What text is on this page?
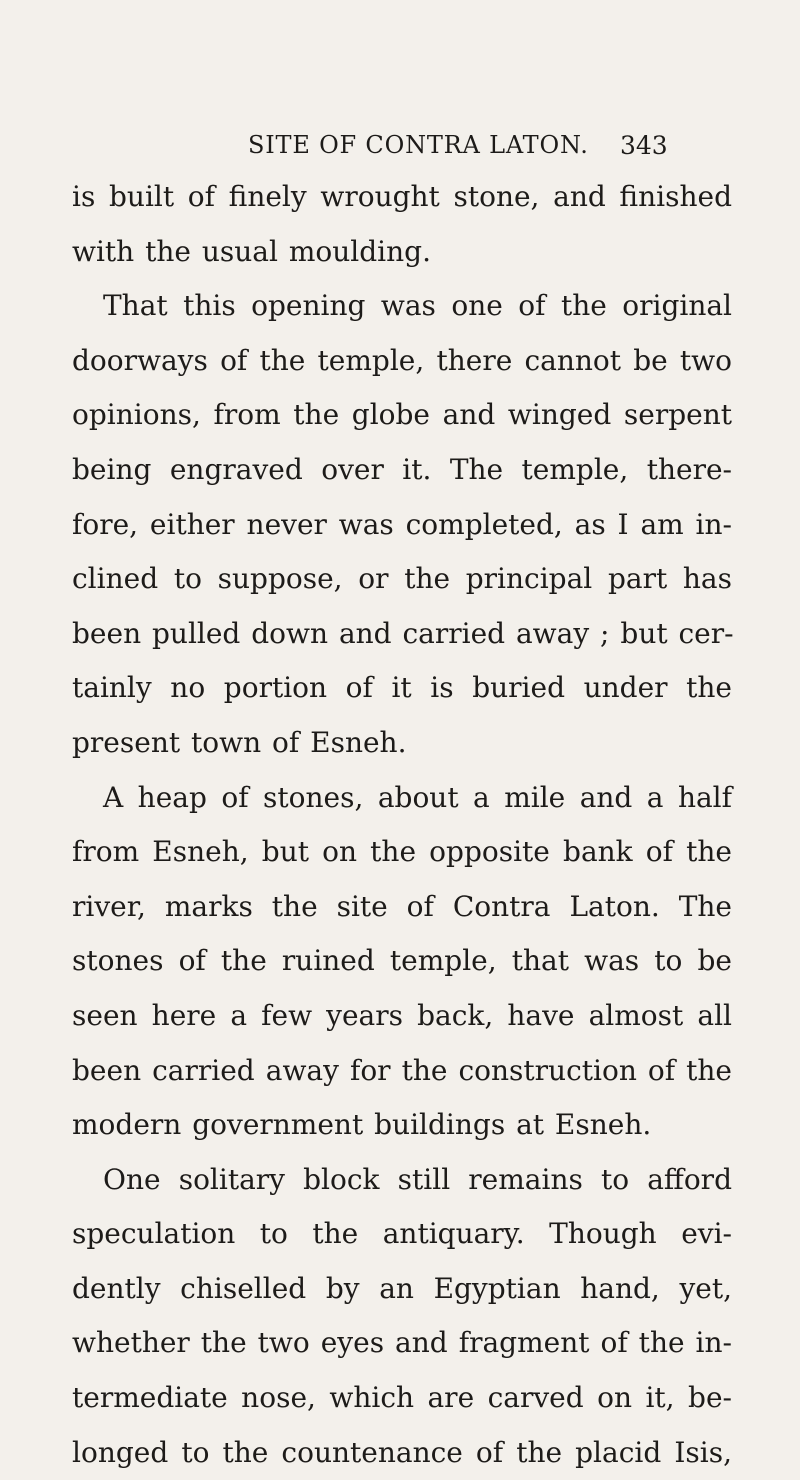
SITE OF CONTRA LATON. 343
is built of finely wrought stone, and finished
with the usual moulding.
That this opening was one of the original
doorways of the temple, there cannot be two
opinions, from the globe and winged serpent
being engraved over it. The temple, there-
fore, either never was completed, as I am in-
clined to suppose, or the principal part has
been pulled down and carried away ; but cer-
tainly no portion of it is buried under the
present town of Esneh.
A heap of stones, about a mile and a half
from Esneh, but on the opposite bank of the
river, marks the site of Contra Laton. The
stones of the ruined temple, that was to be
seen here a few years back, have almost all
been carried away for the construction of the
modern government buildings at Esneh.
One solitary block still remains to afford
speculation to the antiquary. Though evi-
dently chiselled by an Egyptian hand, yet,
whether the two eyes and fragment of the in-
termediate nose, which are carved on it, be-
longed to the countenance of the placid Isis,
